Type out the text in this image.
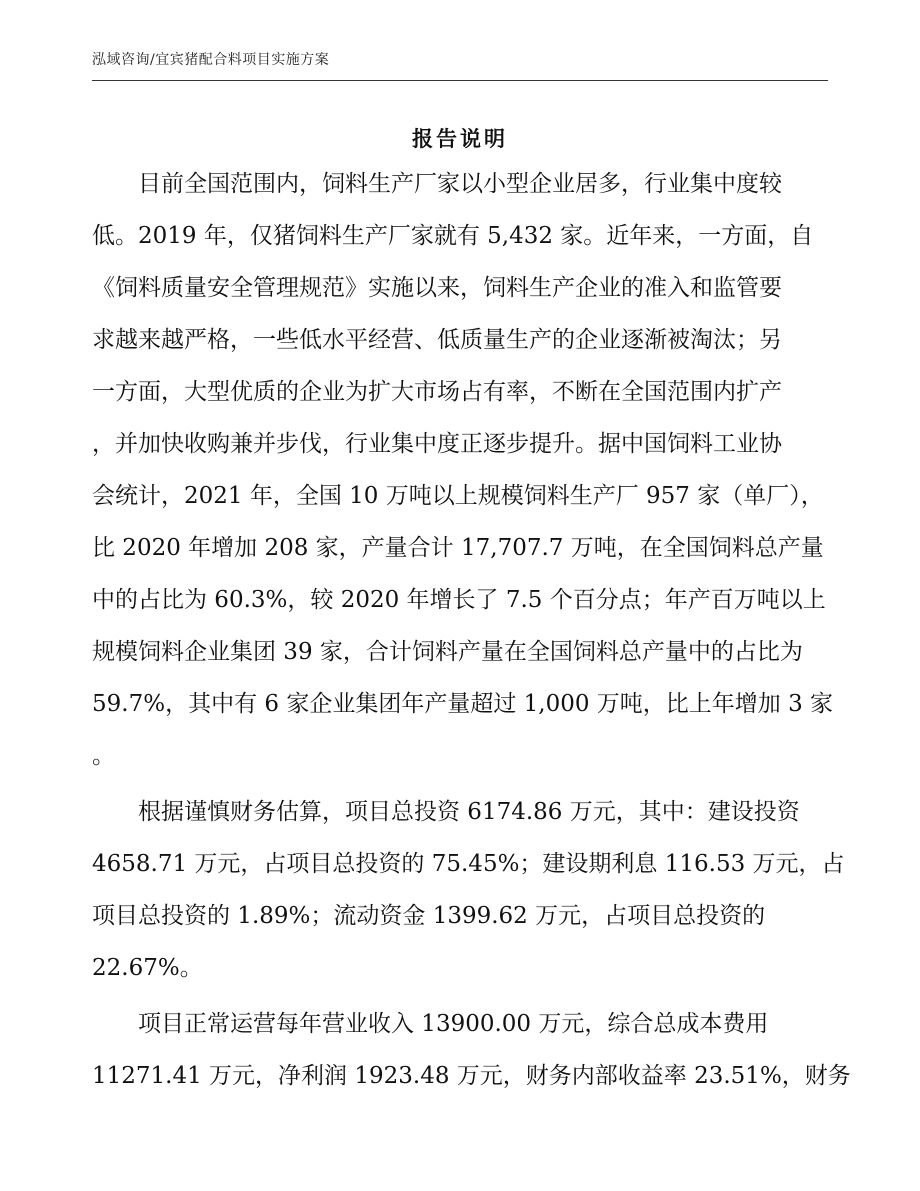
泓域咨询/宜宾猪配合料项目实施方案
报告说明

目前全国范围内，饲料生产厂家以小型企业居多，行业集中度较
低。2019 年，仅猪饲料生产厂家就有 5,432 家。近年来，一方面，自
《饲料质量安全管理规范》实施以来，饲料生产企业的准入和监管要
求越来越严格，一些低水平经营、低质量生产的企业逐渐被淘汰；另
一方面，大型优质的企业为扩大市场占有率，不断在全国范围内扩产
，并加快收购兼并步伐，行业集中度正逐步提升。据中国饲料工业协
会统计，2021 年，全国 10 万吨以上规模饲料生产厂 957 家（单厂），
比 2020 年增加 208 家，产量合计 17,707.7 万吨，在全国饲料总产量
中的占比为 60.3%，较 2020 年增长了 7.5 个百分点；年产百万吨以上
规模饲料企业集团 39 家，合计饲料产量在全国饲料总产量中的占比为
59.7%，其中有 6 家企业集团年产量超过 1,000 万吨，比上年增加 3 家
。

根据谨慎财务估算，项目总投资 6174.86 万元，其中：建设投资
4658.71 万元，占项目总投资的 75.45%；建设期利息 116.53 万元，占
项目总投资的 1.89%；流动资金 1399.62 万元，占项目总投资的
22.67%。

项目正常运营每年营业收入 13900.00 万元，综合总成本费用
11271.41 万元，净利润 1923.48 万元，财务内部收益率 23.51%，财务
